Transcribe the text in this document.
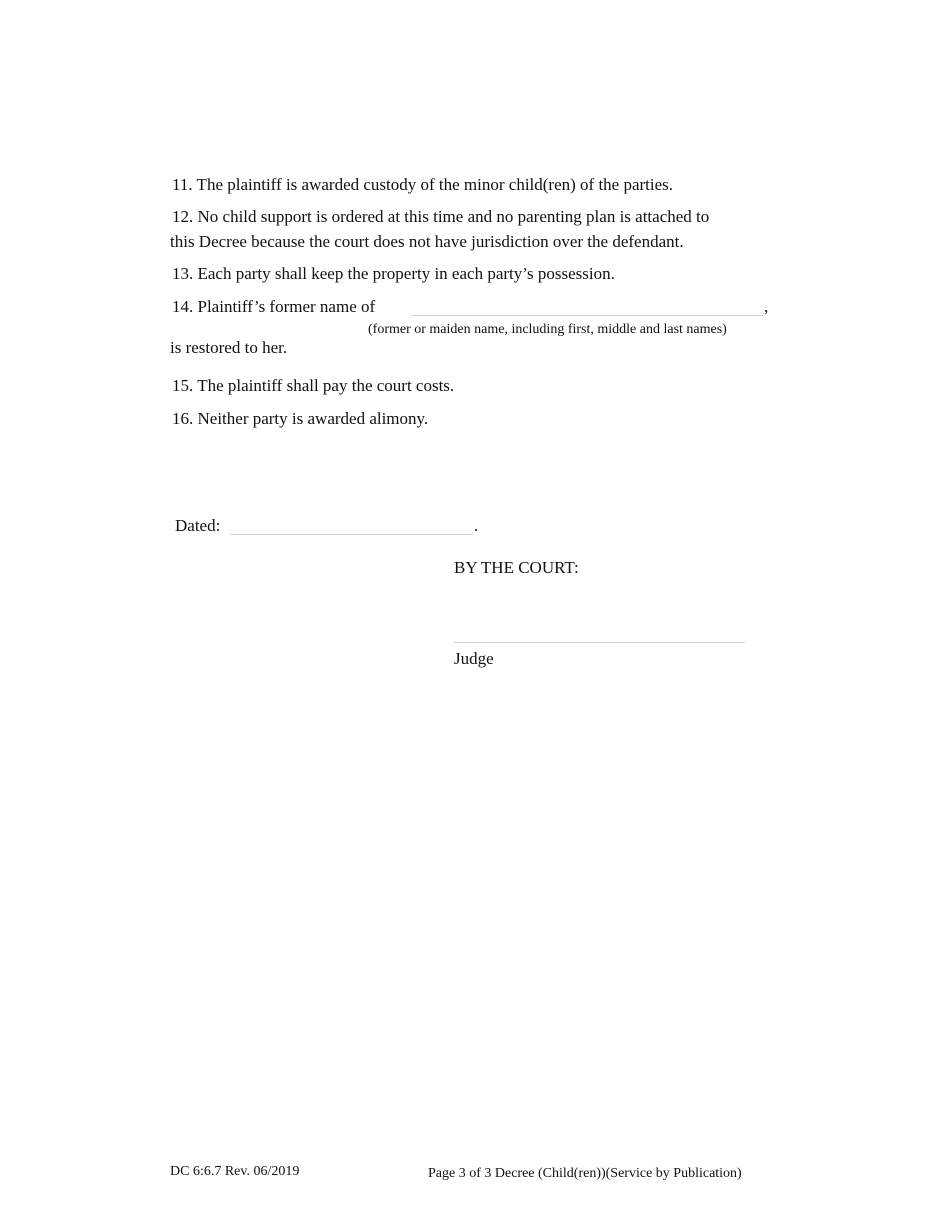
11. The plaintiff is awarded custody of the minor child(ren) of the parties.
12. No child support is ordered at this time and no parenting plan is attached to
this Decree because the court does not have jurisdiction over the defendant.
13. Each party shall keep the property in each party’s possession.
14. Plaintiff’s former name of	,
(former or maiden name, including first, middle and last names)
is restored to her.
15. The plaintiff shall pay the court costs.
16. Neither party is awarded alimony.
Dated:	.
BY THE COURT:
Judge
DC 6:6.7 Rev. 06/2019	Page 3 of 3 Decree (Child(ren))(Service by Publication)
